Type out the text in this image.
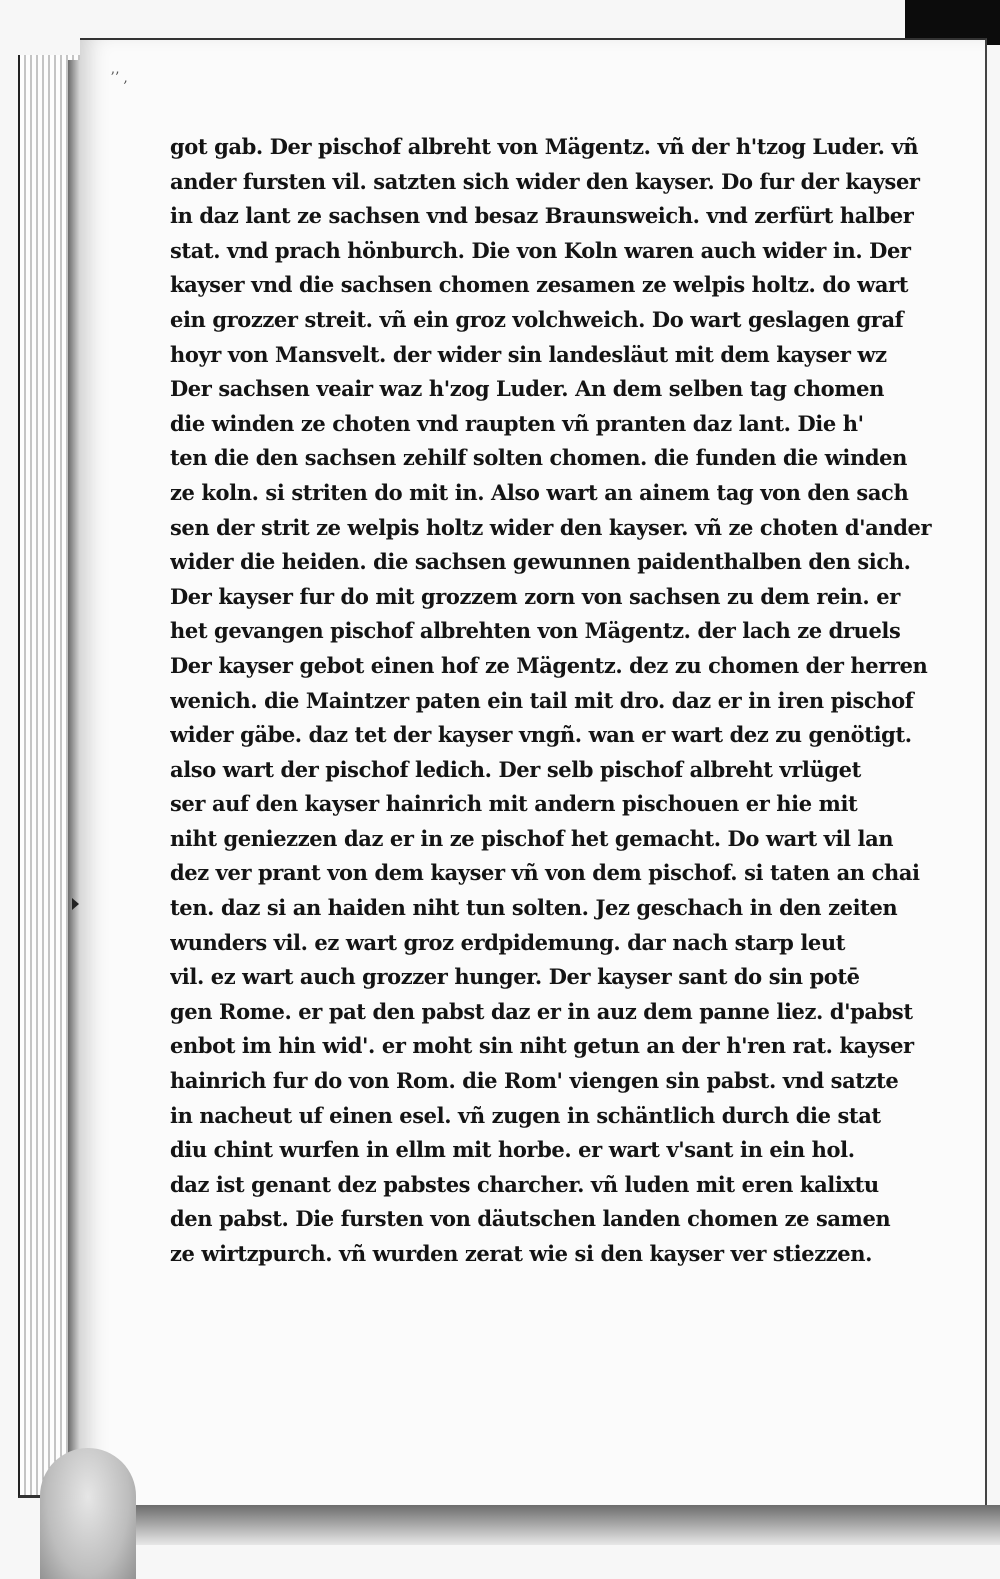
ʼʼ ,
got gab. Der pischof albreht von Mägentz. vñ der h'tzog Luder. vñ
ander fursten vil. satzten sich wider den kayser. Do fur der kayser
in daz lant ze sachsen vnd besaz Braunsweich. vnd zerfürt halber
stat. vnd prach hönburch. Die von Koln waren auch wider in. Der
kayser vnd die sachsen chomen zesamen ze welpis holtz. do wart
ein grozzer streit. vñ ein groz volchweich. Do wart geslagen graf
hoyr von Mansvelt. der wider sin landesläut mit dem kayser wz
Der sachsen veair waz h'zog Luder. An dem selben tag chomen
die winden ze choten vnd raupten vñ pranten daz lant. Die h'
ten die den sachsen zehilf solten chomen. die funden die winden
ze koln. si striten do mit in. Also wart an ainem tag von den sach
sen der strit ze welpis holtz wider den kayser. vñ ze choten d'ander
wider die heiden. die sachsen gewunnen paidenthalben den sich.
Der kayser fur do mit grozzem zorn von sachsen zu dem rein. er
het gevangen pischof albrehten von Mägentz. der lach ze druels
Der kayser gebot einen hof ze Mägentz. dez zu chomen der herren
wenich. die Maintzer paten ein tail mit dro. daz er in iren pischof
wider gäbe. daz tet der kayser vngñ. wan er wart dez zu genötigt.
also wart der pischof ledich. Der selb pischof albreht vrlüget
ser auf den kayser hainrich mit andern pischouen er hie mit
niht geniezzen daz er in ze pischof het gemacht. Do wart vil lan
dez ver prant von dem kayser vñ von dem pischof. si taten an chai
ten. daz si an haiden niht tun solten. Jez geschach in den zeiten
wunders vil. ez wart groz erdpidemung. dar nach starp leut
vil. ez wart auch grozzer hunger. Der kayser sant do sin potē
gen Rome. er pat den pabst daz er in auz dem panne liez. d'pabst
enbot im hin wid'. er moht sin niht getun an der h'ren rat. kayser
hainrich fur do von Rom. die Rom' viengen sin pabst. vnd satzte
in nacheut uf einen esel. vñ zugen in schäntlich durch die stat
diu chint wurfen in ellm mit horbe. er wart v'sant in ein hol.
daz ist genant dez pabstes charcher. vñ luden mit eren kalixtu
den pabst. Die fursten von däutschen landen chomen ze samen
ze wirtzpurch. vñ wurden zerat wie si den kayser ver stiezzen.
